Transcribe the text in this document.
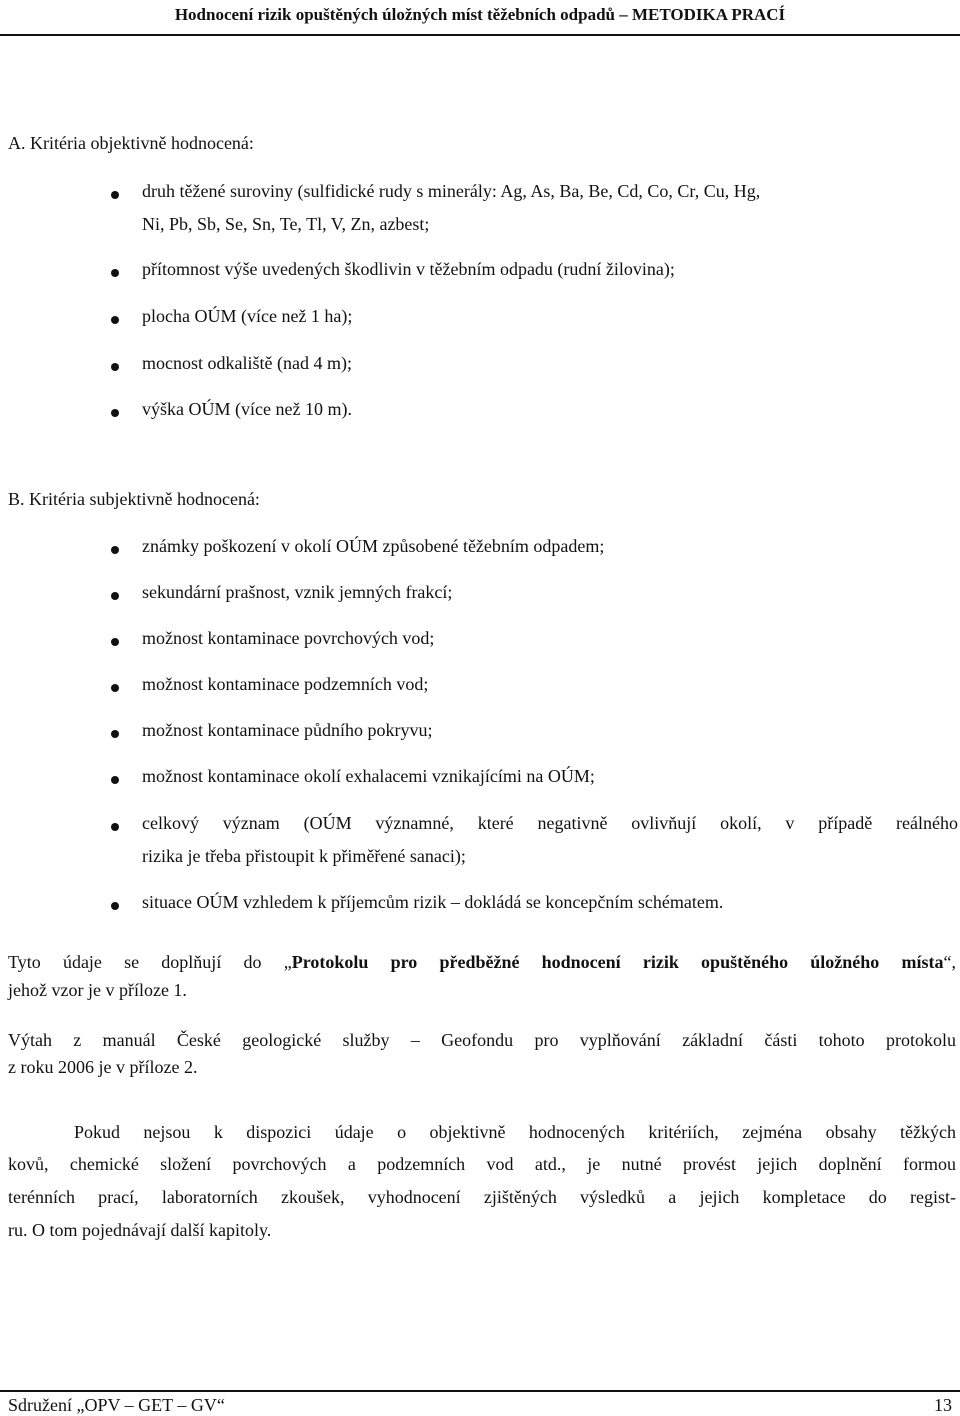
Hodnocení rizik opuštěných úložných míst těžebních odpadů – METODIKA PRACÍ
A. Kritéria objektivně hodnocená:
druh těžené suroviny (sulfidické rudy s minerály: Ag, As, Ba, Be, Cd, Co, Cr, Cu, Hg,
Ni, Pb, Sb, Se, Sn, Te, Tl, V, Zn, azbest;
přítomnost výše uvedených škodlivin v těžebním odpadu (rudní žilovina);
plocha OÚM (více než 1 ha);
mocnost odkaliště (nad 4 m);
výška OÚM (více než 10 m).
B. Kritéria subjektivně hodnocená:
známky poškození v okolí OÚM způsobené těžebním odpadem;
sekundární prašnost, vznik jemných frakcí;
možnost kontaminace povrchových vod;
možnost kontaminace podzemních vod;
možnost kontaminace půdního pokryvu;
možnost kontaminace okolí exhalacemi vznikajícími na OÚM;
celkový význam (OÚM významné, které negativně ovlivňují okolí, v případě reálného
rizika je třeba přistoupit k přiměřené sanaci);
situace OÚM vzhledem k příjemcům rizik – dokládá se koncepčním schématem.
Tyto údaje se doplňují do „Protokolu pro předběžné hodnocení rizik opuštěného úložného místa“,
jehož vzor je v příloze 1.
Výtah z manuál České geologické služby – Geofondu pro vyplňování základní části tohoto protokolu
z roku 2006 je v příloze 2.
Pokud nejsou k dispozici údaje o objektivně hodnocených kritériích, zejména obsahy těžkých
kovů, chemické složení povrchových a podzemních vod atd., je nutné provést jejich doplnění formou
terénních prací, laboratorních zkoušek, vyhodnocení zjištěných výsledků a jejich kompletace do regist-
ru. O tom pojednávají další kapitoly.
Sdružení „OPV – GET – GV“	13
